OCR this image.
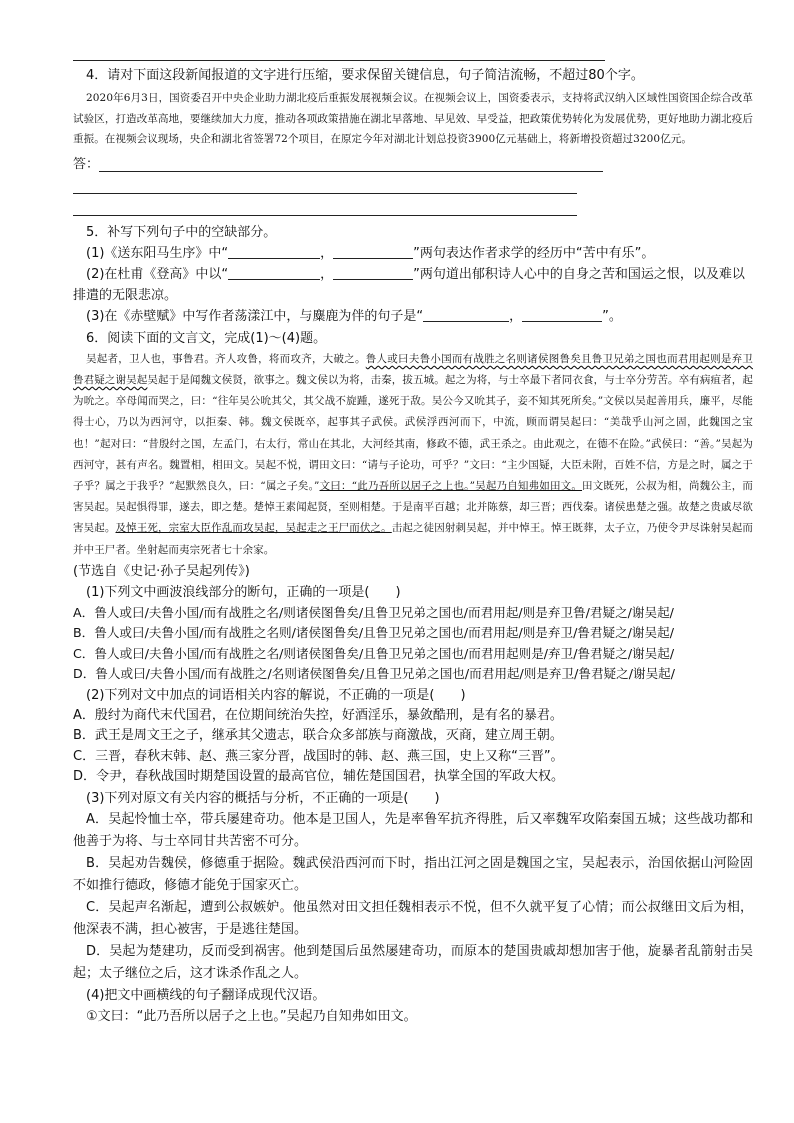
4．请对下面这段新闻报道的文字进行压缩，要求保留关键信息，句子简洁流畅，不超过80个字。

2020年6月3日，国资委召开中央企业助力湖北疫后重振发展视频会议。在视频会议上，国资委表示，支持将武汉纳入区域性国资国企综合改革试验区，打造改革高地，要继续加大力度，推动各项政策措施在湖北早落地、早见效、早受益，把政策优势转化为发展优势，更好地助力湖北疫后重振。在视频会议现场，央企和湖北省签署72个项目，在原定今年对湖北计划总投资3900亿元基础上，将新增投资超过3200亿元。

答：

5．补写下列句子中的空缺部分。

(1)《送东阳马生序》中“	，	”两句表达作者求学的经历中“苦中有乐”。

(2)在杜甫《登高》中以“	，	”两句道出郁积诗人心中的自身之苦和国运之恨，以及难以排遣的无限悲凉。

(3)在《赤壁赋》中写作者荡漾江中，与麋鹿为伴的句子是“	，	”。

6．阅读下面的文言文，完成(1)～(4)题。

吴起者，卫人也，事鲁君。齐人攻鲁，将而攻齐，大破之。鲁人或曰夫鲁小国而有战胜之名则诸侯图鲁矣且鲁卫兄弟之国也而君用起则是弃卫鲁君疑之谢吴起吴起于是闻魏文侯贤，欲事之。魏文侯以为将，击秦，拔五城。起之为将，与士卒最下者同衣食，与士卒分劳苦。卒有病疽者，起为吮之。卒母闻而哭之，曰：“往年吴公吮其父，其父战不旋踵，遂死于敌。吴公今又吮其子，妾不知其死所矣。”文侯以吴起善用兵，廉平，尽能得士心，乃以为西河守，以拒秦、韩。魏文侯既卒，起事其子武侯。武侯浮西河而下，中流，顾而谓吴起曰：“美哉乎山河之固，此魏国之宝也！”起对曰：“昔殷纣之国，左孟门，右太行，常山在其北，大河经其南，修政不德，武王杀之。由此观之，在德不在险。”武侯曰：“善。”吴起为西河守，甚有声名。魏置相，相田文。吴起不悦，谓田文曰：“请与子论功，可乎？”文曰：“主少国疑，大臣未附，百姓不信，方是之时，属之于子乎？属之于我乎？”起默然良久，曰：“属之子矣。”文曰：“此乃吾所以居子之上也。”吴起乃自知弗如田文。田文既死，公叔为相，尚魏公主，而害吴起。吴起惧得罪，遂去，即之楚。楚悼王素闻起贤，至则相楚。于是南平百越；北并陈蔡，却三晋；西伐秦。诸侯患楚之强。故楚之贵戚尽欲害吴起。及悼王死，宗室大臣作乱而攻吴起，吴起走之王尸而伏之。击起之徒因射刺吴起，并中悼王。悼王既葬，太子立，乃使令尹尽诛射吴起而并中王尸者。坐射起而夷宗死者七十余家。

(节选自《史记·孙子吴起列传》)

(1)下列文中画波浪线部分的断句，正确的一项是(　　)

A．鲁人或曰/夫鲁小国/而有战胜之名/则诸侯图鲁矣/且鲁卫兄弟之国也/而君用起/则是弃卫鲁/君疑之/谢吴起/

B．鲁人或曰/夫鲁小国/而有战胜之名则/诸侯图鲁矣/且鲁卫兄弟之国也/而君用起/则是弃卫/鲁君疑之/谢吴起/

C．鲁人或曰/夫鲁小国/而有战胜之名/则诸侯图鲁矣/且鲁卫兄弟之国也/而君用起则是/弃卫/鲁君疑之/谢吴起/

D．鲁人或曰/夫鲁小国/而有战胜之/名则诸侯图鲁矣/且鲁卫兄弟之国也/而君用起/则是弃卫/鲁君疑之/谢吴起/

(2)下列对文中加点的词语相关内容的解说，不正确的一项是(　　)

A．殷纣为商代末代国君，在位期间统治失控，好酒淫乐，暴敛酷刑，是有名的暴君。

B．武王是周文王之子，继承其父遗志，联合众多部族与商激战，灭商，建立周王朝。

C．三晋，春秋末韩、赵、燕三家分晋，战国时的韩、赵、燕三国，史上又称“三晋”。

D．令尹，春秋战国时期楚国设置的最高官位，辅佐楚国国君，执掌全国的军政大权。

(3)下列对原文有关内容的概括与分析，不正确的一项是(　　)

A．吴起怜恤士卒，带兵屡建奇功。他本是卫国人，先是率鲁军抗齐得胜，后又率魏军攻陷秦国五城；这些战功都和他善于为将、与士卒同甘共苦密不可分。

B．吴起劝告魏侯，修德重于据险。魏武侯沿西河而下时，指出江河之固是魏国之宝，吴起表示，治国依据山河险固不如推行德政，修德才能免于国家灭亡。

C．吴起声名渐起，遭到公叔嫉妒。他虽然对田文担任魏相表示不悦，但不久就平复了心情；而公叔继田文后为相，他深表不满，担心被害，于是逃往楚国。

D．吴起为楚建功，反而受到祸害。他到楚国后虽然屡建奇功，而原本的楚国贵戚却想加害于他，旋暴者乱箭射击吴起；太子继位之后，这才诛杀作乱之人。

(4)把文中画横线的句子翻译成现代汉语。

①文曰：“此乃吾所以居子之上也。”吴起乃自知弗如田文。
